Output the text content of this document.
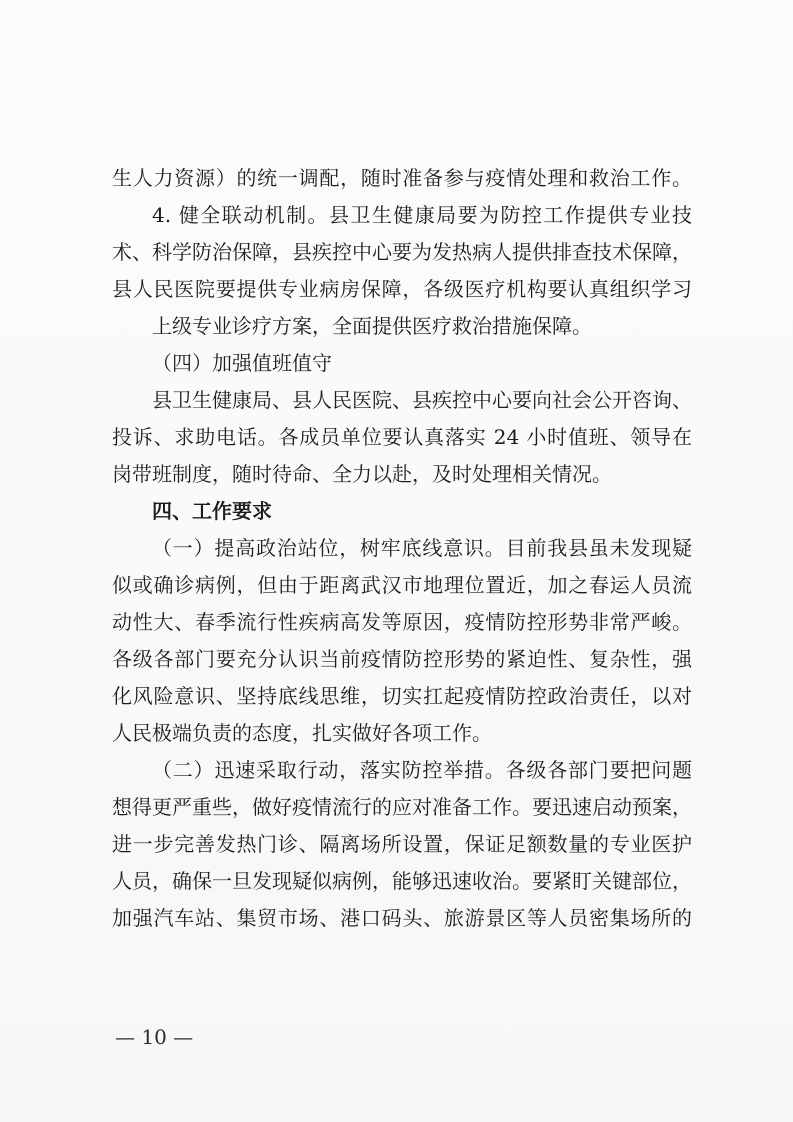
生人力资源）的统一调配，随时准备参与疫情处理和救治工作。
4. 健全联动机制。县卫生健康局要为防控工作提供专业技
术、科学防治保障，县疾控中心要为发热病人提供排查技术保障，
县人民医院要提供专业病房保障，各级医疗机构要认真组织学习
上级专业诊疗方案，全面提供医疗救治措施保障。
（四）加强值班值守
县卫生健康局、县人民医院、县疾控中心要向社会公开咨询、
投诉、求助电话。各成员单位要认真落实 24 小时值班、领导在
岗带班制度，随时待命、全力以赴，及时处理相关情况。
四、工作要求
（一）提高政治站位，树牢底线意识。目前我县虽未发现疑
似或确诊病例，但由于距离武汉市地理位置近，加之春运人员流
动性大、春季流行性疾病高发等原因，疫情防控形势非常严峻。
各级各部门要充分认识当前疫情防控形势的紧迫性、复杂性，强
化风险意识、坚持底线思维，切实扛起疫情防控政治责任，以对
人民极端负责的态度，扎实做好各项工作。
（二）迅速采取行动，落实防控举措。各级各部门要把问题
想得更严重些，做好疫情流行的应对准备工作。要迅速启动预案，
进一步完善发热门诊、隔离场所设置，保证足额数量的专业医护
人员，确保一旦发现疑似病例，能够迅速收治。要紧盯关键部位，
加强汽车站、集贸市场、港口码头、旅游景区等人员密集场所的
— 10 —
